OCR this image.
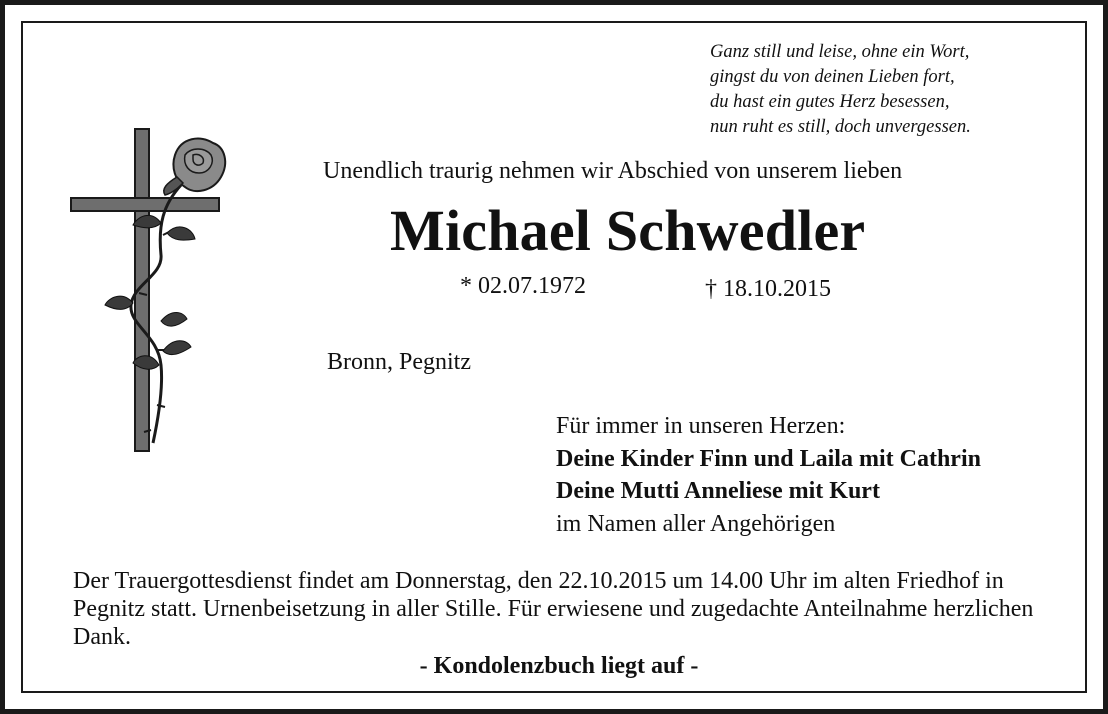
Ganz still und leise, ohne ein Wort,
gingst du von deinen Lieben fort,
du hast ein gutes Herz besessen,
nun ruht es still, doch unvergessen.
Unendlich traurig nehmen wir Abschied von unserem lieben
Michael Schwedler
* 02.07.1972	† 18.10.2015
Bronn, Pegnitz
Für immer in unseren Herzen:
Deine Kinder Finn und Laila mit Cathrin
Deine Mutti Anneliese mit Kurt
im Namen aller Angehörigen
Der Trauergottesdienst findet am Donnerstag, den 22.10.2015 um 14.00 Uhr im alten Friedhof in Pegnitz statt. Urnenbeisetzung in aller Stille. Für erwiesene und zugedachte Anteilnahme herzlichen Dank.
- Kondolenzbuch liegt auf -
